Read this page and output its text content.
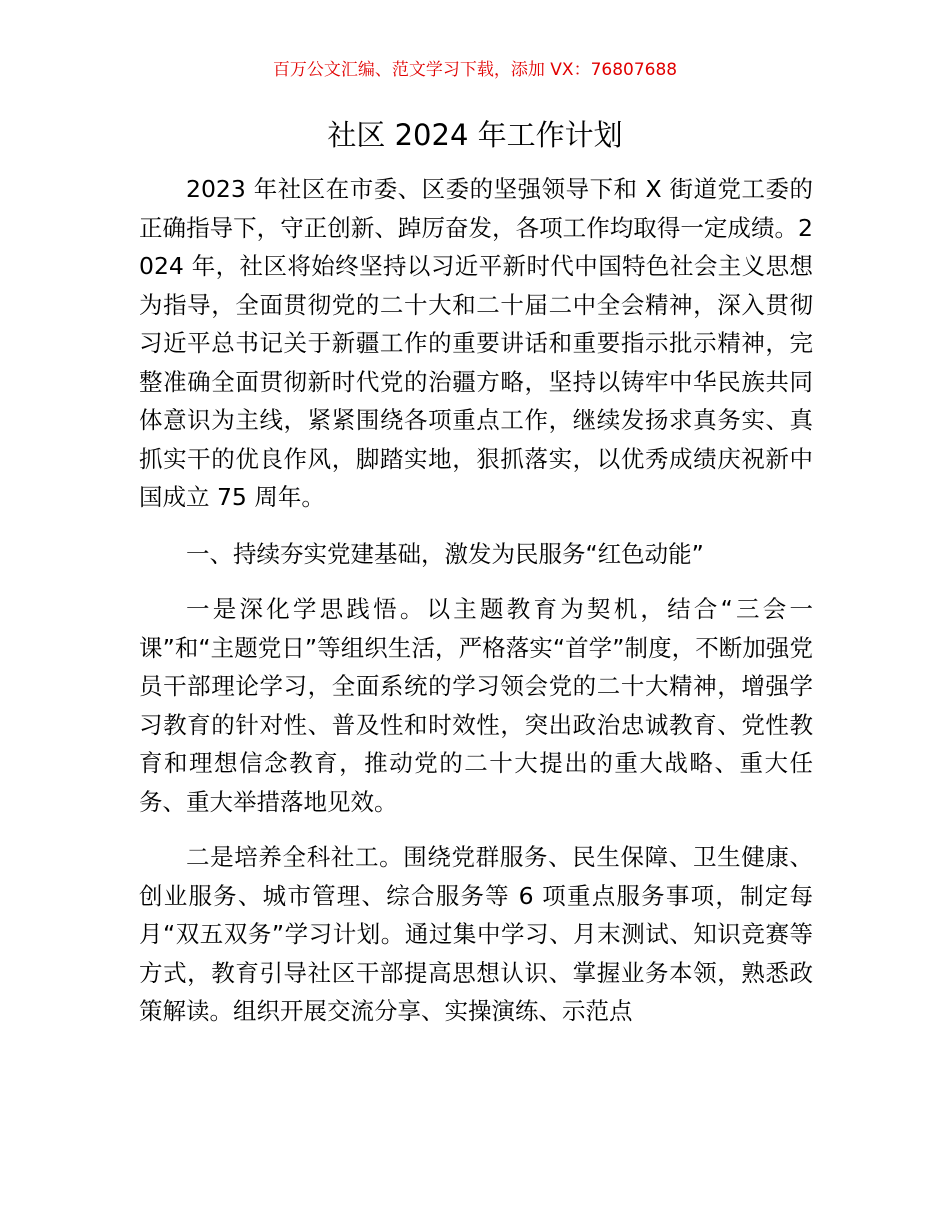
百万公文汇编、范文学习下载，添加 VX：76807688
社区 2024 年工作计划

2023 年社区在市委、区委的坚强领导下和 X 街道党工委的正确指导下，守正创新、踔厉奋发，各项工作均取得一定成绩。2024 年，社区将始终坚持以习近平新时代中国特色社会主义思想为指导，全面贯彻党的二十大和二十届二中全会精神，深入贯彻习近平总书记关于新疆工作的重要讲话和重要指示批示精神，完整准确全面贯彻新时代党的治疆方略，坚持以铸牢中华民族共同体意识为主线，紧紧围绕各项重点工作，继续发扬求真务实、真抓实干的优良作风，脚踏实地，狠抓落实，以优秀成绩庆祝新中国成立 75 周年。

一、持续夯实党建基础，激发为民服务“红色动能”

一是深化学思践悟。以主题教育为契机，结合“三会一课”和“主题党日”等组织生活，严格落实“首学”制度，不断加强党员干部理论学习，全面系统的学习领会党的二十大精神，增强学习教育的针对性、普及性和时效性，突出政治忠诚教育、党性教育和理想信念教育，推动党的二十大提出的重大战略、重大任务、重大举措落地见效。

二是培养全科社工。围绕党群服务、民生保障、卫生健康、创业服务、城市管理、综合服务等 6 项重点服务事项，制定每月“双五双务”学习计划。通过集中学习、月末测试、知识竞赛等方式，教育引导社区干部提高思想认识、掌握业务本领，熟悉政策解读。组织开展交流分享、实操演练、示范点
